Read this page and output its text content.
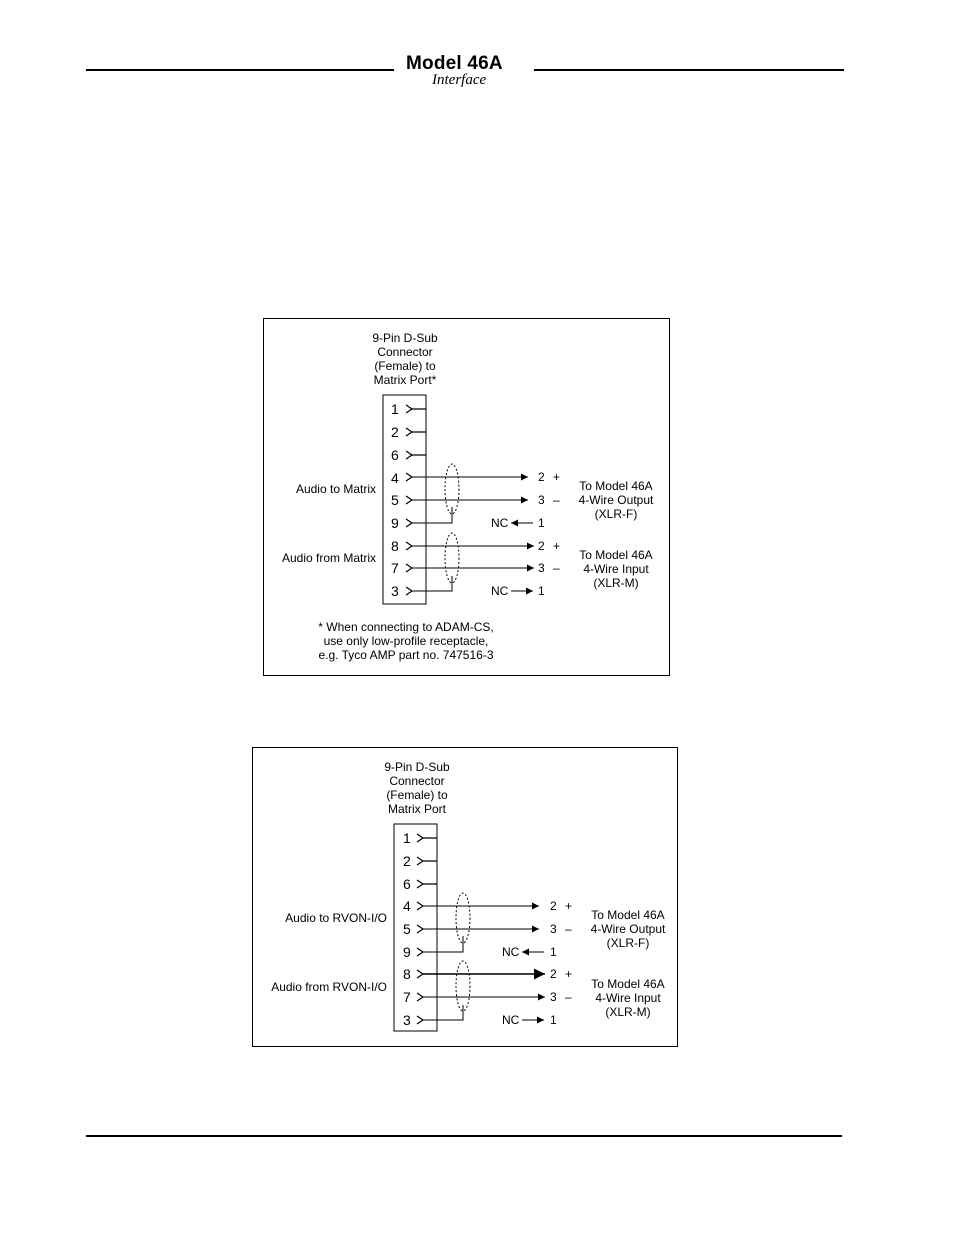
Model 46A
Interface
9-Pin D-Sub
Connector
(Female) to
Matrix Port*
1
2
6
4
5
9
8
7
3
NC
NC
2
3
1
+
–
2
3
1
+
–
Audio to Matrix
Audio from Matrix
To Model 46A
4-Wire Output
(XLR-F)
To Model 46A
4-Wire Input
(XLR-M)
* When connecting to ADAM-CS,
use only low-profile receptacle,
e.g. Tyco AMP part no. 747516-3
9-Pin D-Sub
Connector
(Female) to
Matrix Port
1
2
6
4
5
9
8
7
3
NC
NC
2
3
1
+
–
2
3
1
+
–
Audio to RVON-I/O
Audio from RVON-I/O
To Model 46A
4-Wire Output
(XLR-F)
To Model 46A
4-Wire Input
(XLR-M)
